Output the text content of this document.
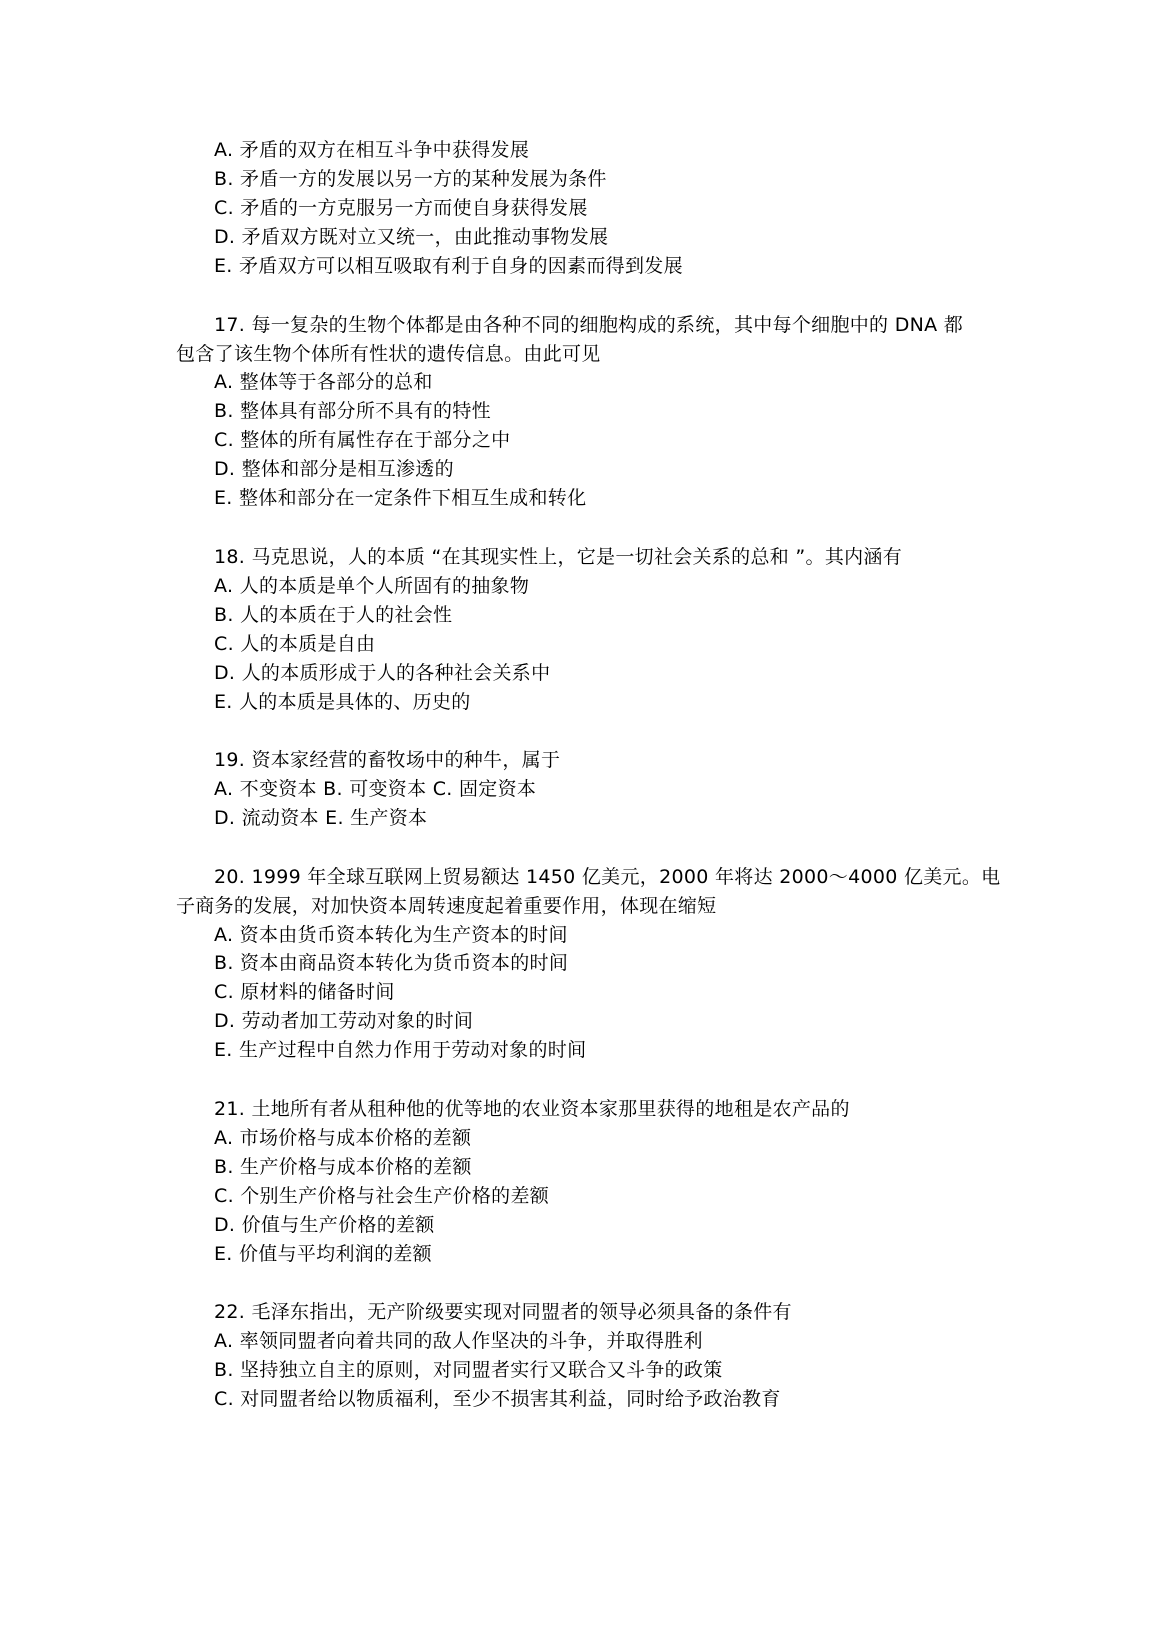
A. 矛盾的双方在相互斗争中获得发展
B. 矛盾一方的发展以另一方的某种发展为条件
C. 矛盾的一方克服另一方而使自身获得发展
D. 矛盾双方既对立又统一，由此推动事物发展
E. 矛盾双方可以相互吸取有利于自身的因素而得到发展
17. 每一复杂的生物个体都是由各种不同的细胞构成的系统，其中每个细胞中的 DNA 都
包含了该生物个体所有性状的遗传信息。由此可见
A. 整体等于各部分的总和
B. 整体具有部分所不具有的特性
C. 整体的所有属性存在于部分之中
D. 整体和部分是相互渗透的
E. 整体和部分在一定条件下相互生成和转化
18. 马克思说，人的本质 “在其现实性上，它是一切社会关系的总和 ”。其内涵有
A. 人的本质是单个人所固有的抽象物
B. 人的本质在于人的社会性
C. 人的本质是自由
D. 人的本质形成于人的各种社会关系中
E. 人的本质是具体的、历史的
19. 资本家经营的畜牧场中的种牛，属于
A. 不变资本 B. 可变资本 C. 固定资本
D. 流动资本 E. 生产资本
20. 1999 年全球互联网上贸易额达 1450 亿美元，2000 年将达 2000～4000 亿美元。电
子商务的发展，对加快资本周转速度起着重要作用，体现在缩短
A. 资本由货币资本转化为生产资本的时间
B. 资本由商品资本转化为货币资本的时间
C. 原材料的储备时间
D. 劳动者加工劳动对象的时间
E. 生产过程中自然力作用于劳动对象的时间
21. 土地所有者从租种他的优等地的农业资本家那里获得的地租是农产品的
A. 市场价格与成本价格的差额
B. 生产价格与成本价格的差额
C. 个别生产价格与社会生产价格的差额
D. 价值与生产价格的差额
E. 价值与平均利润的差额
22. 毛泽东指出，无产阶级要实现对同盟者的领导必须具备的条件有
A. 率领同盟者向着共同的敌人作坚决的斗争，并取得胜利
B. 坚持独立自主的原则，对同盟者实行又联合又斗争的政策
C. 对同盟者给以物质福利，至少不损害其利益，同时给予政治教育
